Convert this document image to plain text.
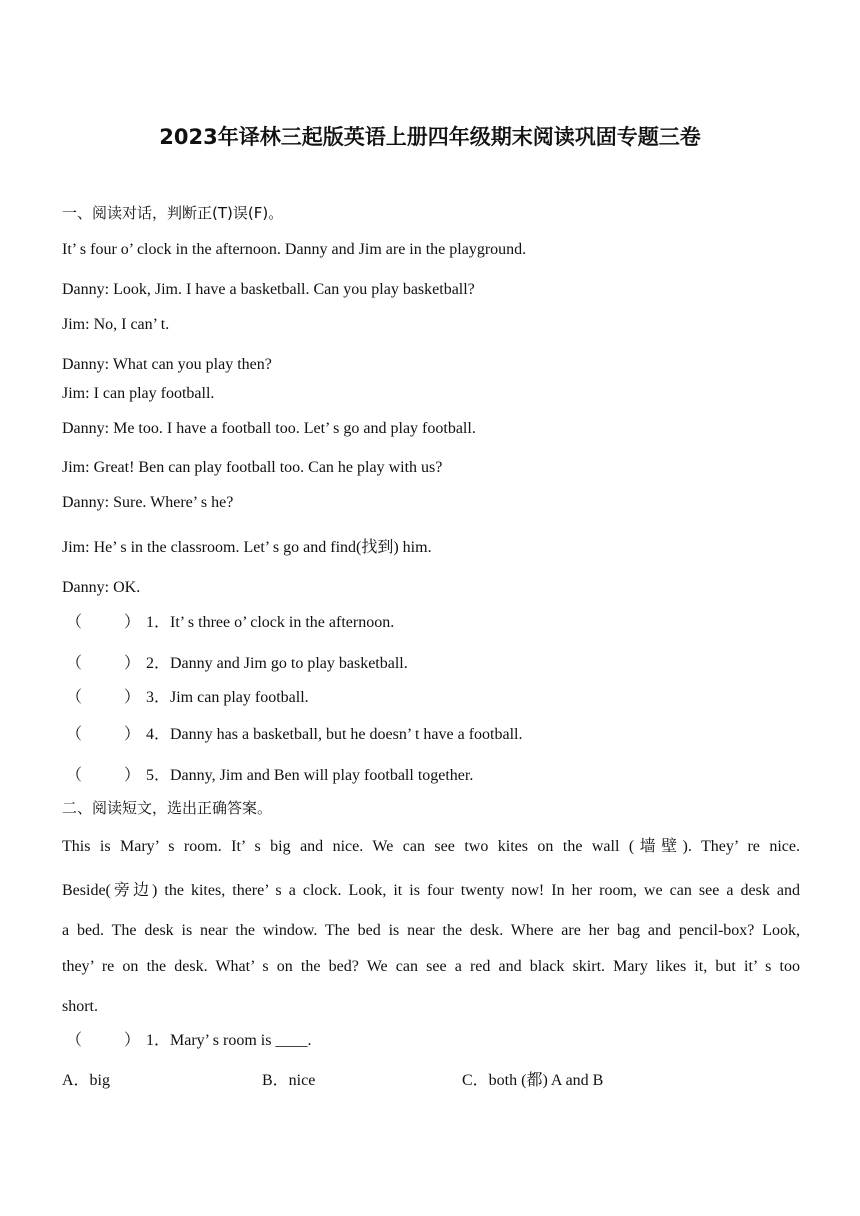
2023年译林三起版英语上册四年级期末阅读巩固专题三卷
一、阅读对话，判断正(T)误(F)。
It’ s four o’ clock in the afternoon. Danny and Jim are in the playground.
Danny: Look, Jim. I have a basketball. Can you play basketball?
Jim: No, I can’ t.
Danny: What can you play then?
Jim: I can play football.
Danny: Me too. I have a football too. Let’ s go and play football.
Jim: Great! Ben can play football too. Can he play with us?
Danny: Sure. Where’ s he?
Jim: He’ s in the classroom. Let’ s go and find(找到) him.
Danny: OK.
（	） 1．It’ s three o’ clock in the afternoon.
（	） 2．Danny and Jim go to play basketball.
（	） 3．Jim can play football.
（	） 4．Danny has a basketball, but he doesn’ t have a football.
（	） 5．Danny, Jim and Ben will play football together.
二、阅读短文，选出正确答案。
This is Mary’ s room. It’ s big and nice. We can see two kites on the wall (墙壁). They’ re nice.
Beside(旁边) the kites, there’ s a clock. Look, it is four twenty now! In her room, we can see a desk and
a bed. The desk is near the window. The bed is near the desk. Where are her bag and pencil-box? Look,
they’ re on the desk. What’ s on the bed? We can see a red and black skirt. Mary likes it, but it’ s too
short.
（	） 1．Mary’ s room is ____.
A．big	B．nice	C．both (都) A and B
